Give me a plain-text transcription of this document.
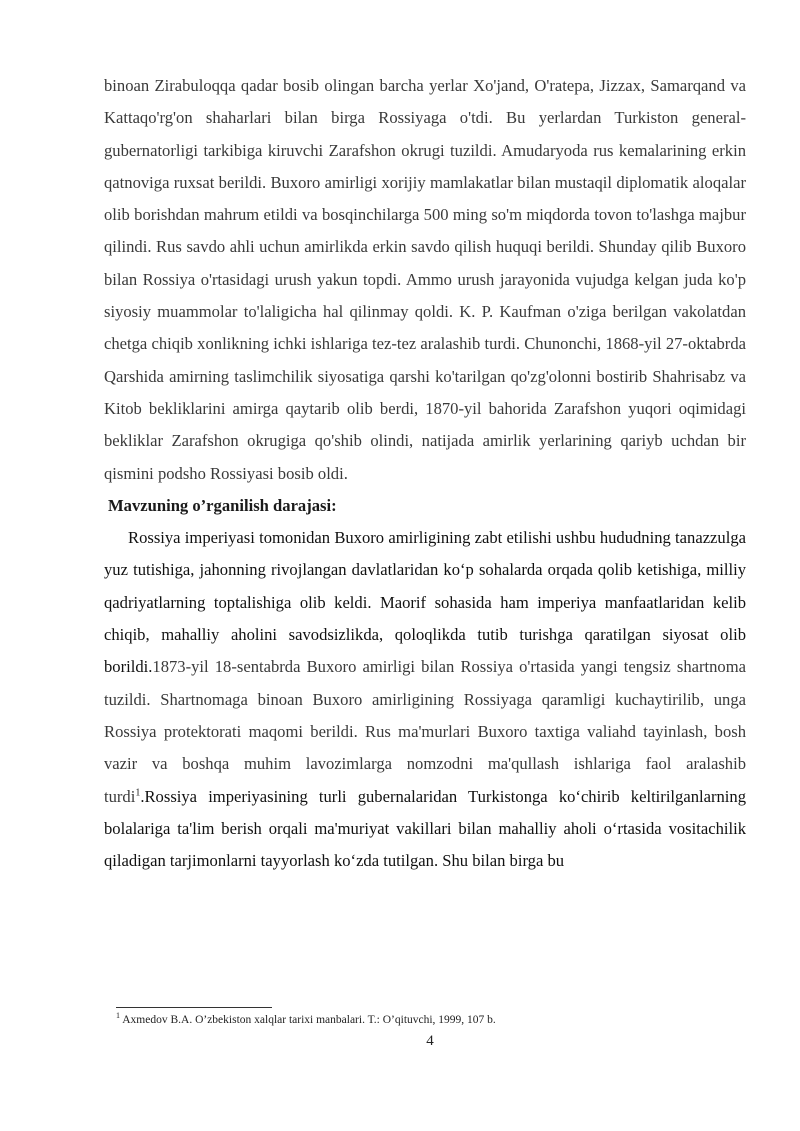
binoan Zirabuloqqa qadar bosib olingan barcha yerlar Xo'jand, O'ratepa, Jizzax, Samarqand va Kattaqo'rg'on shaharlari bilan birga Rossiyaga o'tdi. Bu yerlardan Turkiston general-gubernatorligi tarkibiga kiruvchi Zarafshon okrugi tuzildi. Amudaryoda rus kemalarining erkin qatnoviga ruxsat berildi. Buxoro amirligi xorijiy mamlakatlar bilan mustaqil diplomatik aloqalar olib borishdan mahrum etildi va bosqinchilarga 500 ming so'm miqdorda tovon to'lashga majbur qilindi. Rus savdo ahli uchun amirlikda erkin savdo qilish huquqi berildi. Shunday qilib Buxoro bilan Rossiya o'rtasidagi urush yakun topdi. Ammo urush jarayonida vujudga kelgan juda ko'p siyosiy muammolar to'laligicha hal qilinmay qoldi. K. P. Kaufman o'ziga berilgan vakolatdan chetga chiqib xonlikning ichki ishlariga tez-tez aralashib turdi. Chunonchi, 1868-yil 27-oktabrda Qarshida amirning taslimchilik siyosatiga qarshi ko'tarilgan qo'zg'olonni bostirib Shahrisabz va Kitob bekliklarini amirga qaytarib olib berdi, 1870-yil bahorida Zarafshon yuqori oqimidagi bekliklar Zarafshon okrugiga qo'shib olindi, natijada amirlik yerlarining qariyb uchdan bir qismini podsho Rossiyasi bosib oldi.

Mavzuning o’rganilish darajasi:

Rossiya imperiyasi tomonidan Buxoro amirligining zabt etilishi ushbu hududning tanazzulga yuz tutishiga, jahonning rivojlangan davlatlaridan ko‘p sohalarda orqada qolib ketishiga, milliy qadriyatlarning toptalishiga olib keldi. Maorif sohasida ham imperiya manfaatlaridan kelib chiqib, mahalliy aholini savodsizlikda, qoloqlikda tutib turishga qaratilgan siyosat olib borildi.1873-yil 18-sentabrda Buxoro amirligi bilan Rossiya o'rtasida yangi tengsiz shartnoma tuzildi. Shartnomaga binoan Buxoro amirligining Rossiyaga qaramligi kuchaytirilib, unga Rossiya protektorati maqomi berildi. Rus ma'murlari Buxoro taxtiga valiahd tayinlash, bosh vazir va boshqa muhim lavozimlarga nomzodni ma'qullash ishlariga faol aralashib turdi$^1$.Rossiya imperiyasining turli gubernalaridan Turkistonga ko‘chirib keltirilganlarning bolalariga ta'lim berish orqali ma'muriyat vakillari bilan mahalliy aholi o‘rtasida vositachilik qiladigan tarjimonlarni tayyorlash ko‘zda tutilgan. Shu bilan birga bu

$^1$ Axmedov B.A. O’zbekiston xalqlar tarixi manbalari. T.: O’qituvchi, 1999, 107 b.
4
